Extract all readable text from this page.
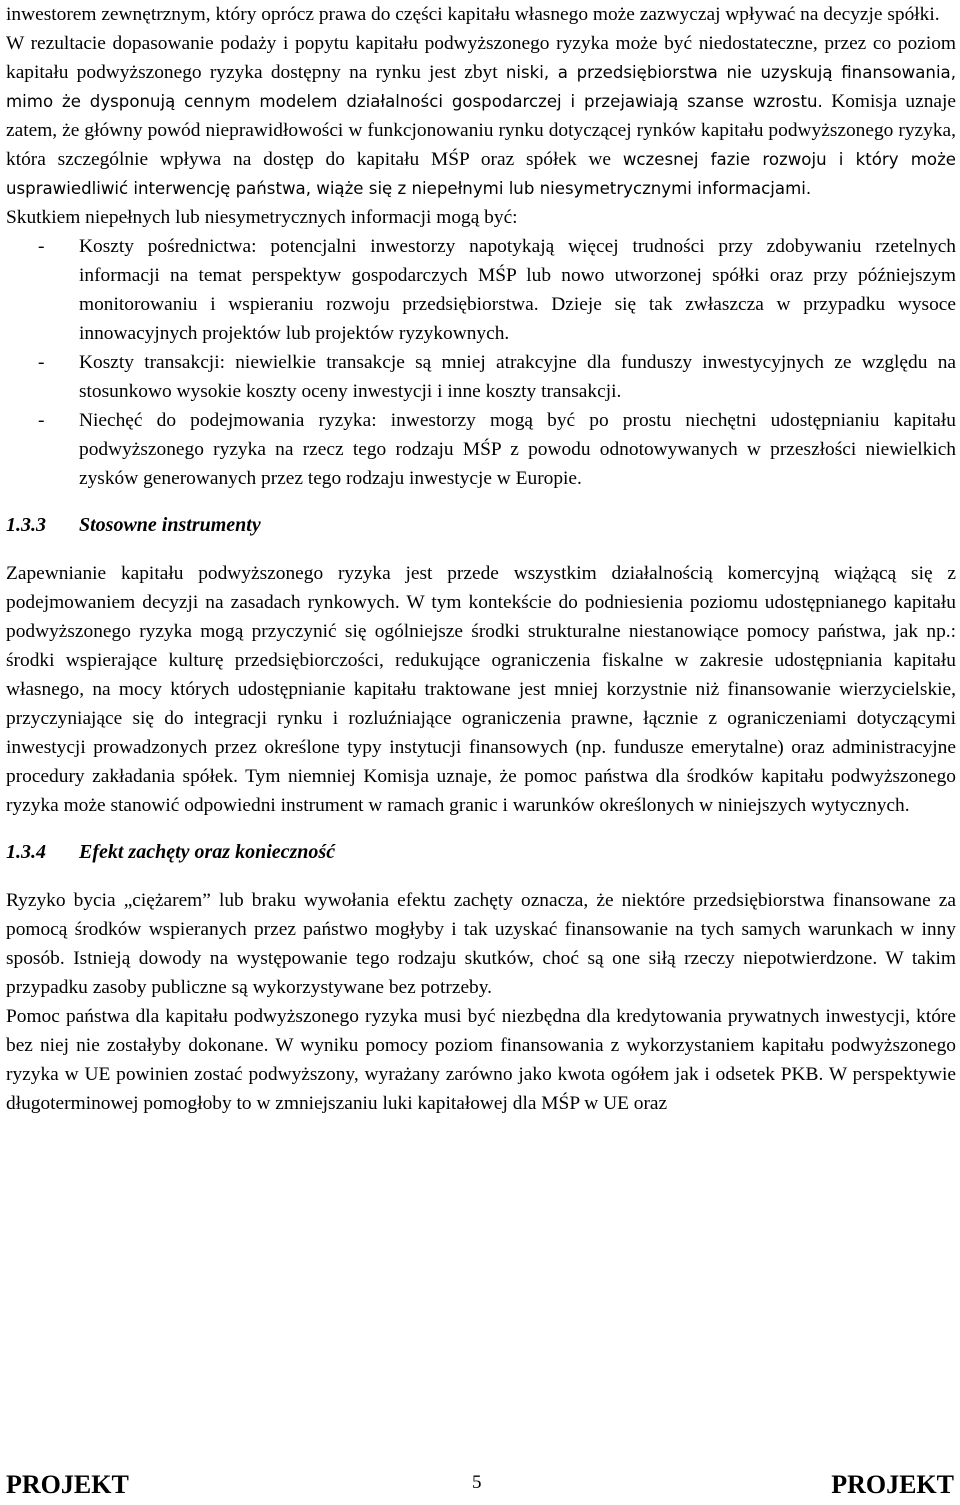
inwestorem zewnętrznym, który oprócz prawa do części kapitału własnego może zazwyczaj wpływać na decyzje spółki.

W rezultacie dopasowanie podaży i popytu kapitału podwyższonego ryzyka może być niedostateczne, przez co poziom kapitału podwyższonego ryzyka dostępny na rynku jest zbyt niski, a przedsiębiorstwa nie uzyskują finansowania, mimo że dysponują cennym modelem działalności gospodarczej i przejawiają szanse wzrostu. Komisja uznaje zatem, że główny powód nieprawidłowości w funkcjonowaniu rynku dotyczącej rynków kapitału podwyższonego ryzyka, która szczególnie wpływa na dostęp do kapitału MŚP oraz spółek we wczesnej fazie rozwoju i który może usprawiedliwić interwencję państwa, wiąże się z niepełnymi lub niesymetrycznymi informacjami.

Skutkiem niepełnych lub niesymetrycznych informacji mogą być:

- Koszty pośrednictwa: potencjalni inwestorzy napotykają więcej trudności przy zdobywaniu rzetelnych informacji na temat perspektyw gospodarczych MŚP lub nowo utworzonej spółki oraz przy późniejszym monitorowaniu i wspieraniu rozwoju przedsiębiorstwa. Dzieje się tak zwłaszcza w przypadku wysoce innowacyjnych projektów lub projektów ryzykownych.

- Koszty transakcji: niewielkie transakcje są mniej atrakcyjne dla funduszy inwestycyjnych ze względu na stosunkowo wysokie koszty oceny inwestycji i inne koszty transakcji.

- Niechęć do podejmowania ryzyka: inwestorzy mogą być po prostu niechętni udostępnianiu kapitału podwyższonego ryzyka na rzecz tego rodzaju MŚP z powodu odnotowywanych w przeszłości niewielkich zysków generowanych przez tego rodzaju inwestycje w Europie.

1.3.3	Stosowne instrumenty

Zapewnianie kapitału podwyższonego ryzyka jest przede wszystkim działalnością komercyjną wiążącą się z podejmowaniem decyzji na zasadach rynkowych. W tym kontekście do podniesienia poziomu udostępnianego kapitału podwyższonego ryzyka mogą przyczynić się ogólniejsze środki strukturalne niestanowiące pomocy państwa, jak np.: środki wspierające kulturę przedsiębiorczości, redukujące ograniczenia fiskalne w zakresie udostępniania kapitału własnego, na mocy których udostępnianie kapitału traktowane jest mniej korzystnie niż finansowanie wierzycielskie, przyczyniające się do integracji rynku i rozluźniające ograniczenia prawne, łącznie z ograniczeniami dotyczącymi inwestycji prowadzonych przez określone typy instytucji finansowych (np. fundusze emerytalne) oraz administracyjne procedury zakładania spółek. Tym niemniej Komisja uznaje, że pomoc państwa dla środków kapitału podwyższonego ryzyka może stanowić odpowiedni instrument w ramach granic i warunków określonych w niniejszych wytycznych.

1.3.4	Efekt zachęty oraz konieczność

Ryzyko bycia „ciężarem” lub braku wywołania efektu zachęty oznacza, że niektóre przedsiębiorstwa finansowane za pomocą środków wspieranych przez państwo mogłyby i tak uzyskać finansowanie na tych samych warunkach w inny sposób. Istnieją dowody na występowanie tego rodzaju skutków, choć są one siłą rzeczy niepotwierdzone. W takim przypadku zasoby publiczne są wykorzystywane bez potrzeby.

Pomoc państwa dla kapitału podwyższonego ryzyka musi być niezbędna dla kredytowania prywatnych inwestycji, które bez niej nie zostałyby dokonane. W wyniku pomocy poziom finansowania z wykorzystaniem kapitału podwyższonego ryzyka w UE powinien zostać podwyższony, wyrażany zarówno jako kwota ogółem jak i odsetek PKB. W perspektywie długoterminowej pomogłoby to w zmniejszaniu luki kapitałowej dla MŚP w UE oraz

PROJEKT	5	PROJEKT
